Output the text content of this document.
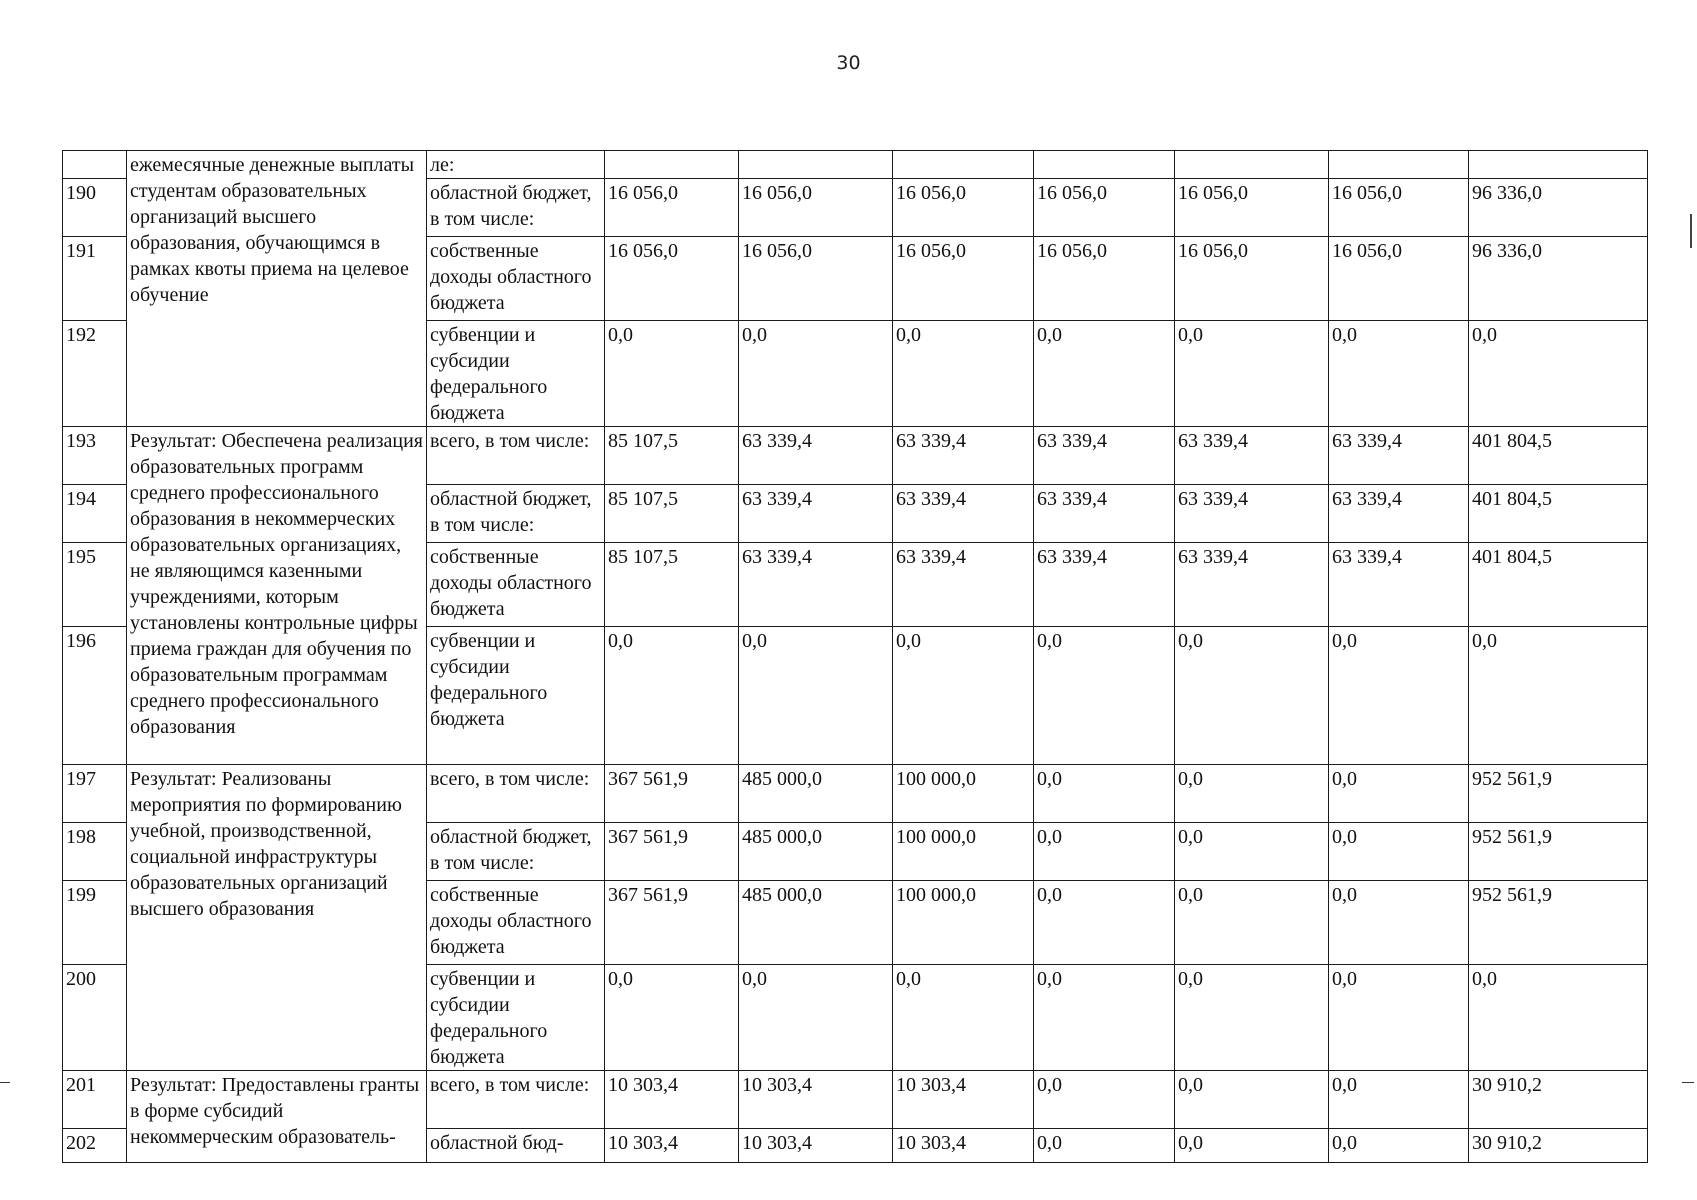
30
	ежемесячные денежные выплаты студентам образовательных организаций высшего образования, обучающимся в рамках квоты приема на целевое обучение	ле:							
190		областной бюджет, в том числе:	16 056,0	16 056,0	16 056,0	16 056,0	16 056,0	16 056,0	96 336,0
191		собственные доходы областного бюджета	16 056,0	16 056,0	16 056,0	16 056,0	16 056,0	16 056,0	96 336,0
192		субвенции и субсидии федерального бюджета	0,0	0,0	0,0	0,0	0,0	0,0	0,0
193	Результат: Обеспечена реализация образовательных программ среднего профессионального образования в некоммерческих образовательных организациях, не являющимся казенными учреждениями, которым установлены контрольные цифры приема граждан для обучения по образовательным программам среднего профессионального образования	всего, в том числе:	85 107,5	63 339,4	63 339,4	63 339,4	63 339,4	63 339,4	401 804,5
194		областной бюджет, в том числе:	85 107,5	63 339,4	63 339,4	63 339,4	63 339,4	63 339,4	401 804,5
195		собственные доходы областного бюджета	85 107,5	63 339,4	63 339,4	63 339,4	63 339,4	63 339,4	401 804,5
196		субвенции и субсидии федерального бюджета	0,0	0,0	0,0	0,0	0,0	0,0	0,0
197	Результат: Реализованы мероприятия по формированию учебной, производственной, социальной инфраструктуры образовательных организаций высшего образования	всего, в том числе:	367 561,9	485 000,0	100 000,0	0,0	0,0	0,0	952 561,9
198		областной бюджет, в том числе:	367 561,9	485 000,0	100 000,0	0,0	0,0	0,0	952 561,9
199		собственные доходы областного бюджета	367 561,9	485 000,0	100 000,0	0,0	0,0	0,0	952 561,9
200		субвенции и субсидии федерального бюджета	0,0	0,0	0,0	0,0	0,0	0,0	0,0
201	Результат: Предоставлены гранты в форме субсидий некоммерческим образователь-	всего, в том числе:	10 303,4	10 303,4	10 303,4	0,0	0,0	0,0	30 910,2
202		областной бюд-	10 303,4	10 303,4	10 303,4	0,0	0,0	0,0	30 910,2
